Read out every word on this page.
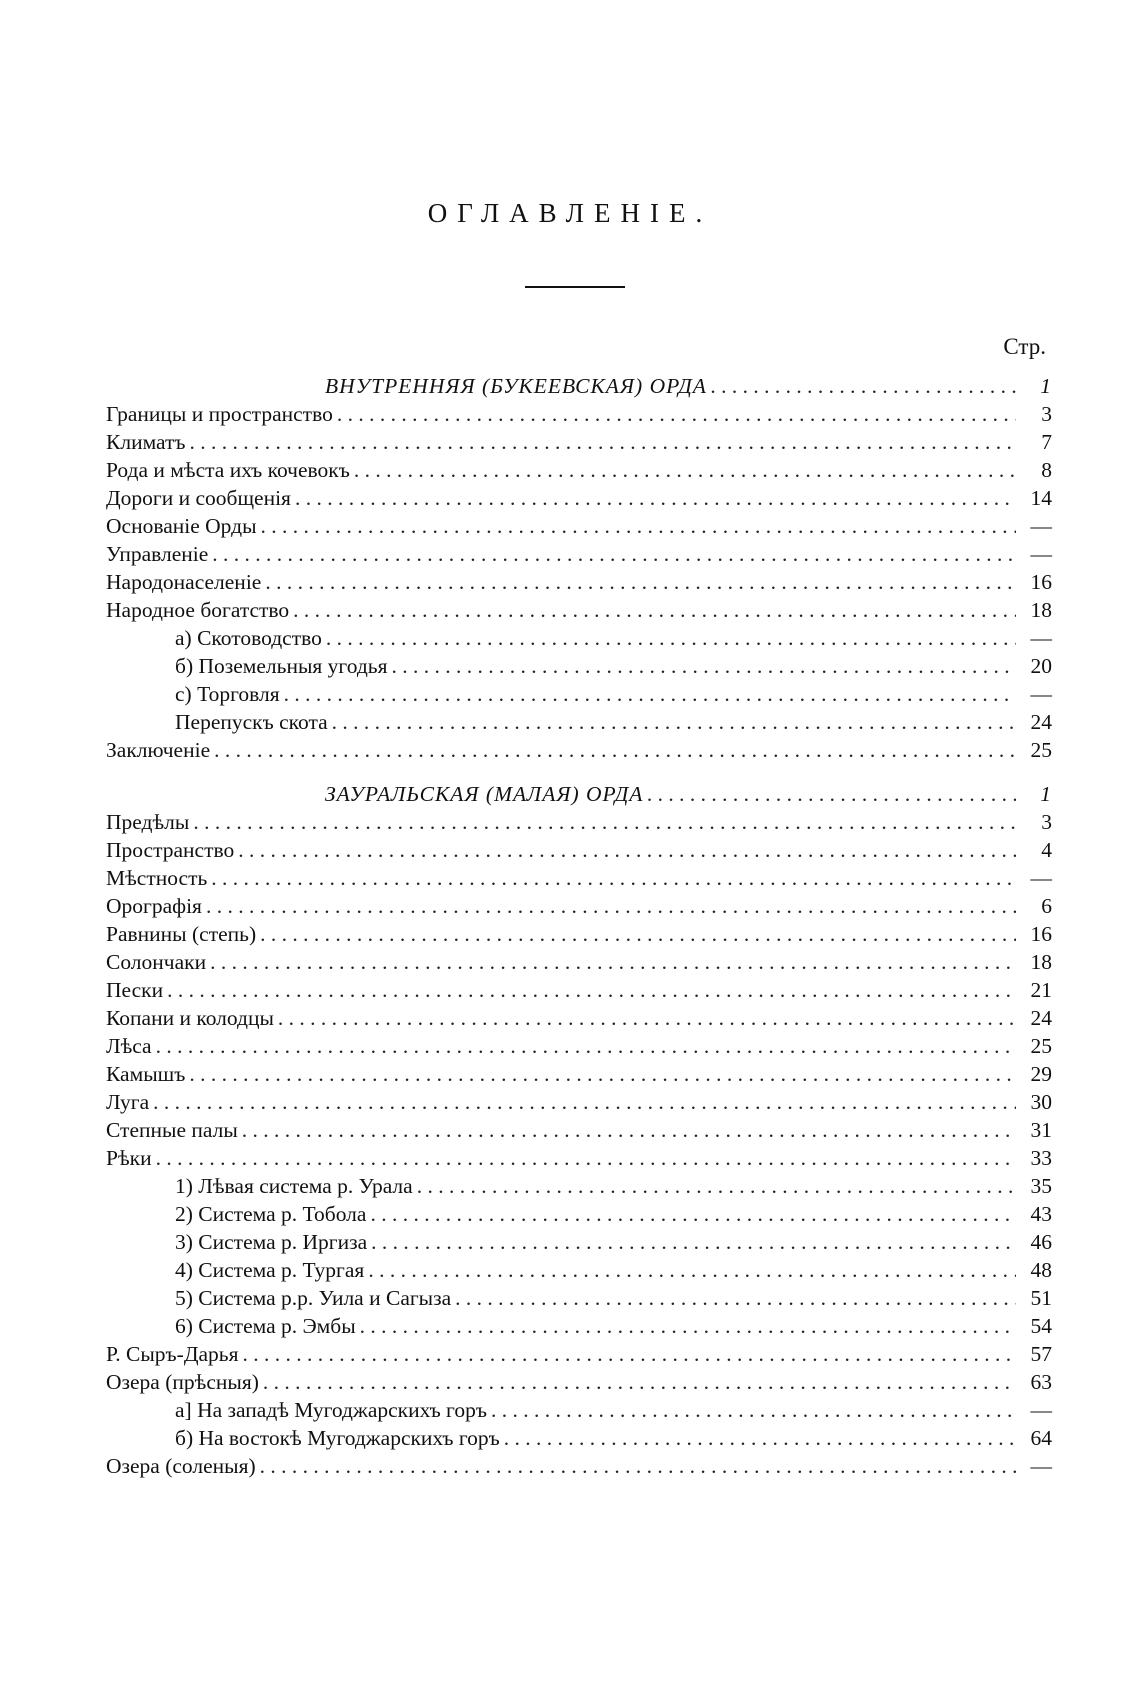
ОГЛАВЛЕНІЕ.
Стр.
ВНУТРЕННЯЯ (БУКЕЕВСКАЯ) ОРДА . . .	1
Границы и пространство . . .	3
Климатъ . . .	7
Рода и мѣста ихъ кочевокъ . . .	8
Дороги и сообщенія . . .	14
Основаніе Орды . . .	—
Управленіе . . .	—
Народонаселеніе . . .	16
Народное богатство . . .	18
а) Скотоводство . . .	—
б) Поземельныя угодья . . .	20
с) Торговля . . .	—
Перепускъ скота . . .	24
Заключеніе . . .	25
ЗАУРАЛЬСКАЯ (МАЛАЯ) ОРДА . . .	1
Предѣлы . . .	3
Пространство . . .	4
Мѣстность . . .	—
Орографія . . .	6
Равнины (степь) . . .	16
Солончаки . . .	18
Пески . . .	21
Копани и колодцы . . .	24
Лѣса . . .	25
Камышъ . . .	29
Луга . . .	30
Степные палы . . .	31
Рѣки . . .	33
1) Лѣвая система р. Урала . . .	35
2) Система р. Тобола . . .	43
3) Система р. Иргиза . . .	46
4) Система р. Тургая . . .	48
5) Система р.р. Уила и Сагыза . . .	51
6) Система р. Эмбы . . .	54
Р. Сыръ-Дарья . . .	57
Озера (прѣсныя) . . .	63
а] На западѣ Мугоджарскихъ горъ . . .	—
б) На востокѣ Мугоджарскихъ горъ . . .	64
Озера (соленыя) . . .	—
